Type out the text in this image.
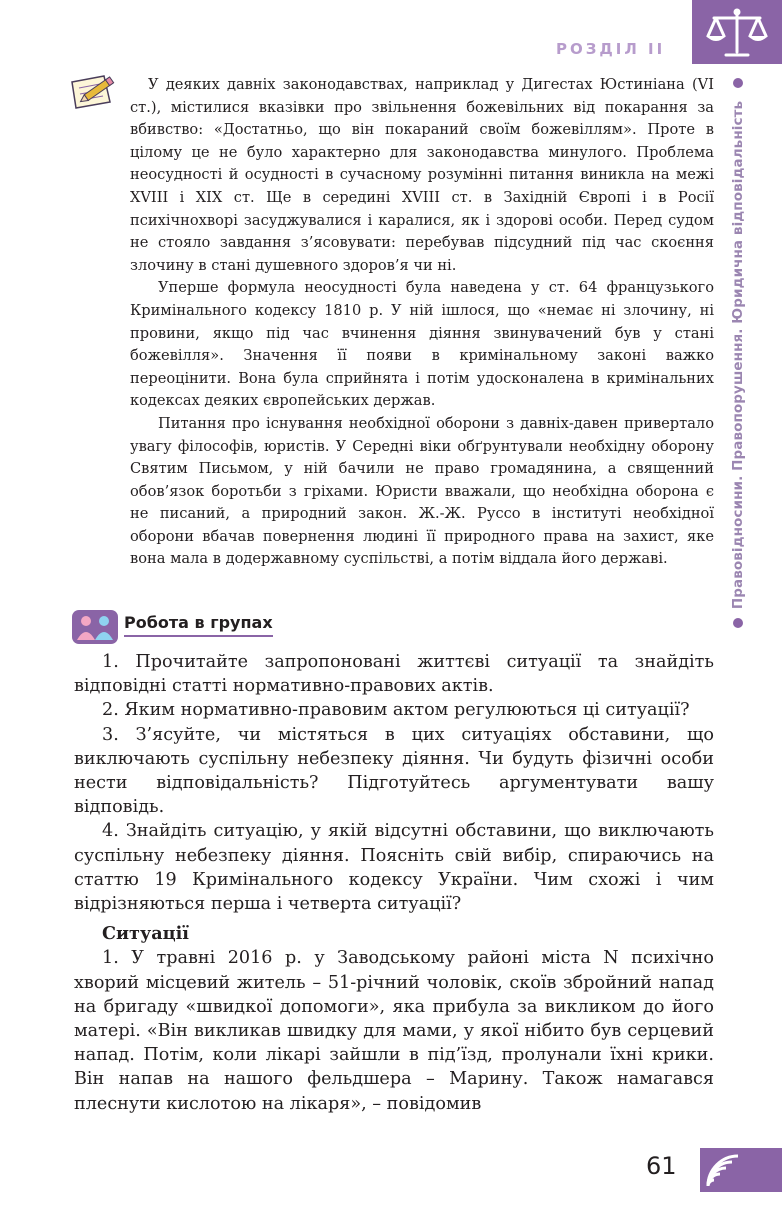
РОЗДІЛ II
Правовідносини. Правопорушення. Юридична відповідальність

У деяких давніх законодавствах, наприклад у Дигестах Юстиніана (VI ст.), містилися вказівки про звільнення божевільних від покарання за вбивство: «Достатньо, що він покараний своїм божевіллям». Проте в цілому це не було характерно для законодавства минулого. Проблема неосудності й осудності в сучасному розумінні питання виникла на межі XVIII і XIX ст. Ще в середині XVIII ст. в Західній Європі і в Росії психічнохворі засуджувалися і каралися, як і здорові особи. Перед судом не стояло завдання з’ясовувати: перебував підсудний під час скоєння злочину в стані душевного здоров’я чи ні.

Уперше формула неосудності була наведена у ст. 64 французького Кримінального кодексу 1810 р. У ній ішлося, що «немає ні злочину, ні провини, якщо під час вчинення діяння звинувачений був у стані божевілля». Значення її появи в кримінальному законі важко переоцінити. Вона була сприйнята і потім удосконалена в кримінальних кодексах деяких європейських держав.

Питання про існування необхідної оборони з давніх-давен привертало увагу філософів, юристів. У Середні віки обґрунтували необхідну оборону Святим Письмом, у ній бачили не право громадянина, а священний обов’язок боротьби з гріхами. Юристи вважали, що необхідна оборона є не писаний, а природний закон. Ж.-Ж. Руссо в інституті необхідної оборони вбачав повернення людині її природного права на захист, яке вона мала в додержавному суспільстві, а потім віддала його державі.

Робота в групах

1. Прочитайте запропоновані життєві ситуації та знайдіть відповідні статті нормативно-правових актів.

2. Яким нормативно-правовим актом регулюються ці ситуації?

3. З’ясуйте, чи містяться в цих ситуаціях обставини, що виключають суспільну небезпеку діяння. Чи будуть фізичні особи нести відповідальність? Підготуйтесь аргументувати вашу відповідь.

4. Знайдіть ситуацію, у якій відсутні обставини, що виключають суспільну небезпеку діяння. Поясніть свій вибір, спираючись на статтю 19 Кримінального кодексу України. Чим схожі і чим відрізняються перша і четверта ситуації?

Ситуації

1. У травні 2016 р. у Заводському районі міста N психічно хворий місцевий житель – 51-річний чоловік, скоїв збройний напад на бригаду «швидкої допомоги», яка прибула за викликом до його матері. «Він викликав швидку для мами, у якої нібито був серцевий напад. Потім, коли лікарі зайшли в під’їзд, пролунали їхні крики. Він напав на нашого фельдшера – Марину. Також намагався плеснути кислотою на лікаря», – повідомив

61
